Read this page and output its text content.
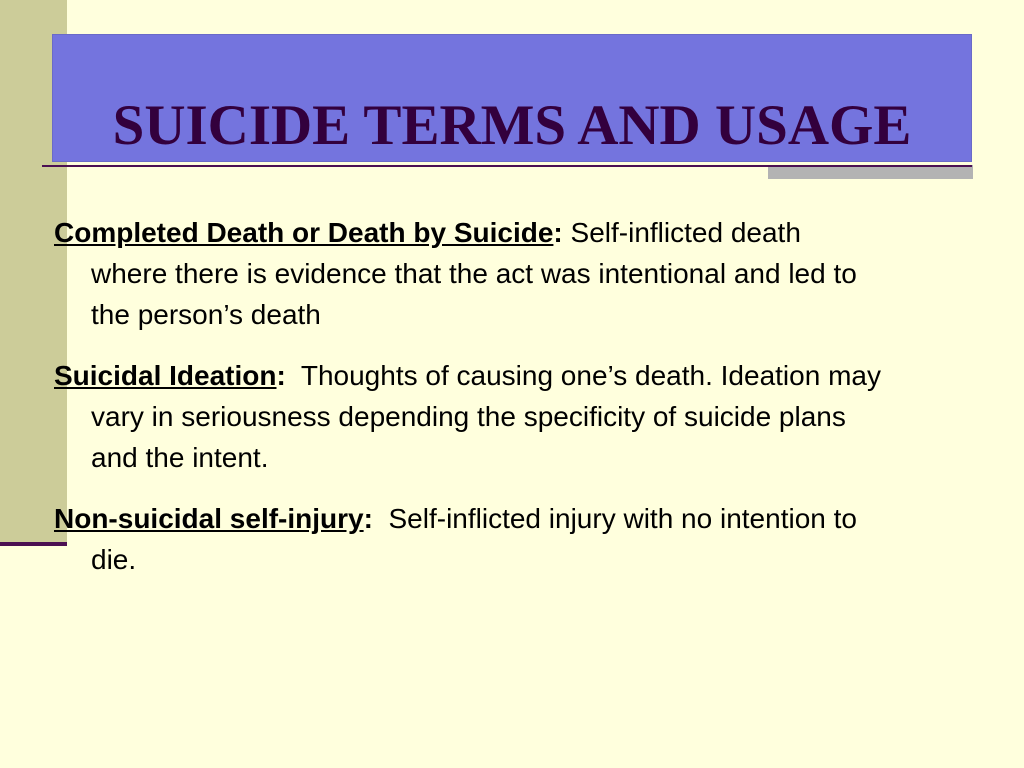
SUICIDE TERMS AND USAGE

Completed Death or Death by Suicide: Self-inflicted death where there is evidence that the act was intentional and led to the person’s death

Suicidal Ideation:  Thoughts of causing one’s death. Ideation may vary in seriousness depending the specificity of suicide plans and the intent.

Non-suicidal self-injury:  Self-inflicted injury with no intention to die.
